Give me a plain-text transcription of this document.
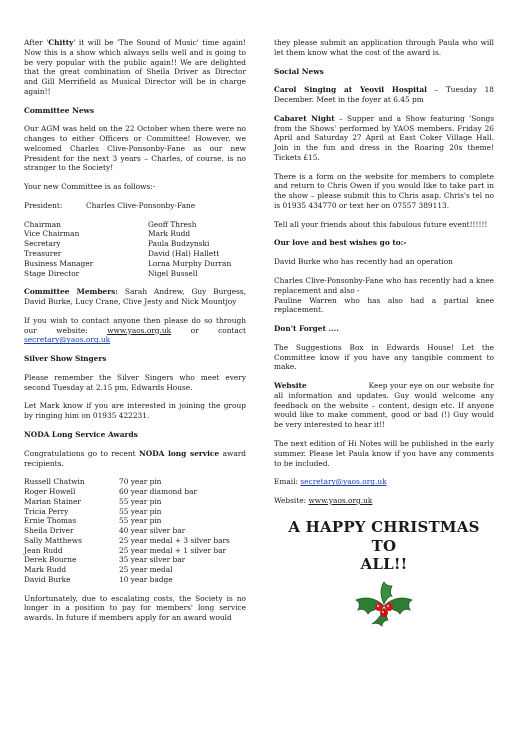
After 'Chitty' it will be 'The Sound of Music' time again! Now this is a show which always sells well and is going to be very popular with the public again!! We are delighted that the great combination of Sheila Driver as Director and Gill Merrifield as Musical Director will be in charge again!!

Committee News

Our AGM was held on the 22 October when there were no changes to either Officers or Committee! However, we welcomed Charles Clive-Ponsonby-Fane as our new President for the next 3 years – Charles, of course, is no stranger to the Society!

Your new Committee is as follows:-

President:	Charles Clive-Ponsonby-Fane
Chairman	Geoff Thresh
Vice Chairman	Mark Rudd
Secretary	Paula Budzynski
Treasurer	David (Hal) Hallett
Business Manager	Lorna Murphy Durran
Stage Director	Nigel Bussell

Committee Members: Sarah Andrew, Guy Burgess, David Burke, Lucy Crane, Clive Jesty and Nick Mountjoy

If you wish to contact anyone then please do so through our website: www.yaos.org.uk or contact secretary@yaos.org.uk

Silver Show Singers

Please remember the Silver Singers who meet every second Tuesday at 2.15 pm, Edwards House.

Let Mark know if you are interested in joining the group by ringing him on 01935 422231.

NODA Long Service Awards

Congratulations go to recent NODA long service award recipients.

Russell Chatwin	70 year pin
Roger Howell	60 year diamond bar
Marian Stainer	55 year pin
Tricia Perry	55 year pin
Ernie Thomas	55 year pin
Sheila Driver	40 year silver bar
Sally Matthews	25 year medal + 3 silver bars
Jean Rudd	25 year medal + 1 silver bar
Derek Bourne	35 year silver bar
Mark Rudd	25 year medal
David Burke	10 year badge

Unfortunately, due to escalating costs, the Society is no longer in a position to pay for members' long service awards. In future if members apply for an award would

they please submit an application through Paula who will let them know what the cost of the award is.

Social News

Carol Singing at Yeovil Hospital – Tuesday 18 December. Meet in the foyer at 6.45 pm

Cabaret Night – Supper and a Show featuring 'Songs from the Shows' performed by YAOS members. Friday 26 April and Saturday 27 April at East Coker Village Hall. Join in the fun and dress in the Roaring 20s theme! Tickets £15.

There is a form on the website for members to complete and return to Chris Owen if you would like to take part in the show – please submit this to Chris asap. Chris's tel no is 01935 434770 or text her on 07557 389113.

Tell all your friends about this fabulous future event!!!!!!

Our love and best wishes go to:-

David Burke who has recently had an operation

Charles Clive-Ponsonby-Fane who has recently had a knee replacement and also -

Pauline Warren who has also had a partial knee replacement.

Don't Forget ....

The Suggestions Box in Edwards House! Let the Committee know if you have any tangible comment to make.

Website	Keep your eye on our website for all information and updates. Guy would welcome any feedback on the website – content, design etc. If anyone would like to make comment, good or bad (!) Guy would be very interested to hear it!!

The next edition of Hi Notes will be published in the early summer. Please let Paula know if you have any comments to be included.

Email: secretary@yaos.org.uk

Website: www.yaos.org.uk

A HAPPY CHRISTMAS TO
ALL!!
